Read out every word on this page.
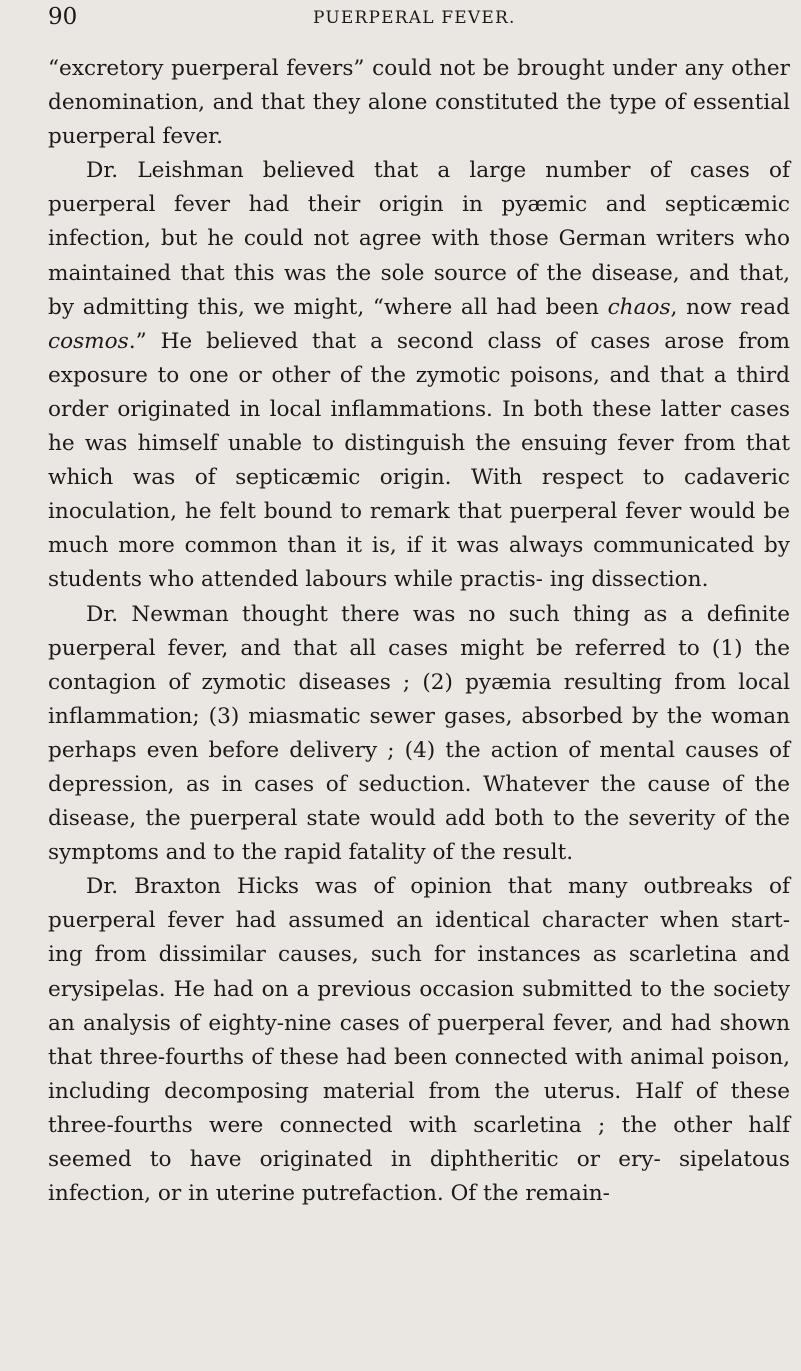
90	PUERPERAL FEVER.

“excretory puerperal fevers” could not be brought under any other denomination, and that they alone constituted the type of essential puerperal fever.

Dr. Leishman believed that a large number of cases of puerperal fever had their origin in pyæmic and septicæmic infection, but he could not agree with those German writers who maintained that this was the sole source of the disease, and that, by admitting this, we might, “where all had been chaos, now read cosmos.” He believed that a second class of cases arose from exposure to one or other of the zymotic poisons, and that a third order originated in local inflammations. In both these latter cases he was himself unable to distinguish the ensuing fever from that which was of septicæmic origin. With respect to cadaveric inoculation, he felt bound to remark that puerperal fever would be much more common than it is, if it was always communicated by students who attended labours while practis- ing dissection.

Dr. Newman thought there was no such thing as a definite puerperal fever, and that all cases might be referred to (1) the contagion of zymotic diseases ; (2) pyæmia resulting from local inflammation; (3) miasmatic sewer gases, absorbed by the woman perhaps even before delivery ; (4) the action of mental causes of depression, as in cases of seduction. Whatever the cause of the disease, the puerperal state would add both to the severity of the symptoms and to the rapid fatality of the result.

Dr. Braxton Hicks was of opinion that many outbreaks of puerperal fever had assumed an identical character when start- ing from dissimilar causes, such for instances as scarletina and erysipelas. He had on a previous occasion submitted to the society an analysis of eighty-nine cases of puerperal fever, and had shown that three-fourths of these had been connected with animal poison, including decomposing material from the uterus. Half of these three-fourths were connected with scarletina ; the other half seemed to have originated in diphtheritic or ery- sipelatous infection, or in uterine putrefaction. Of the remain-
